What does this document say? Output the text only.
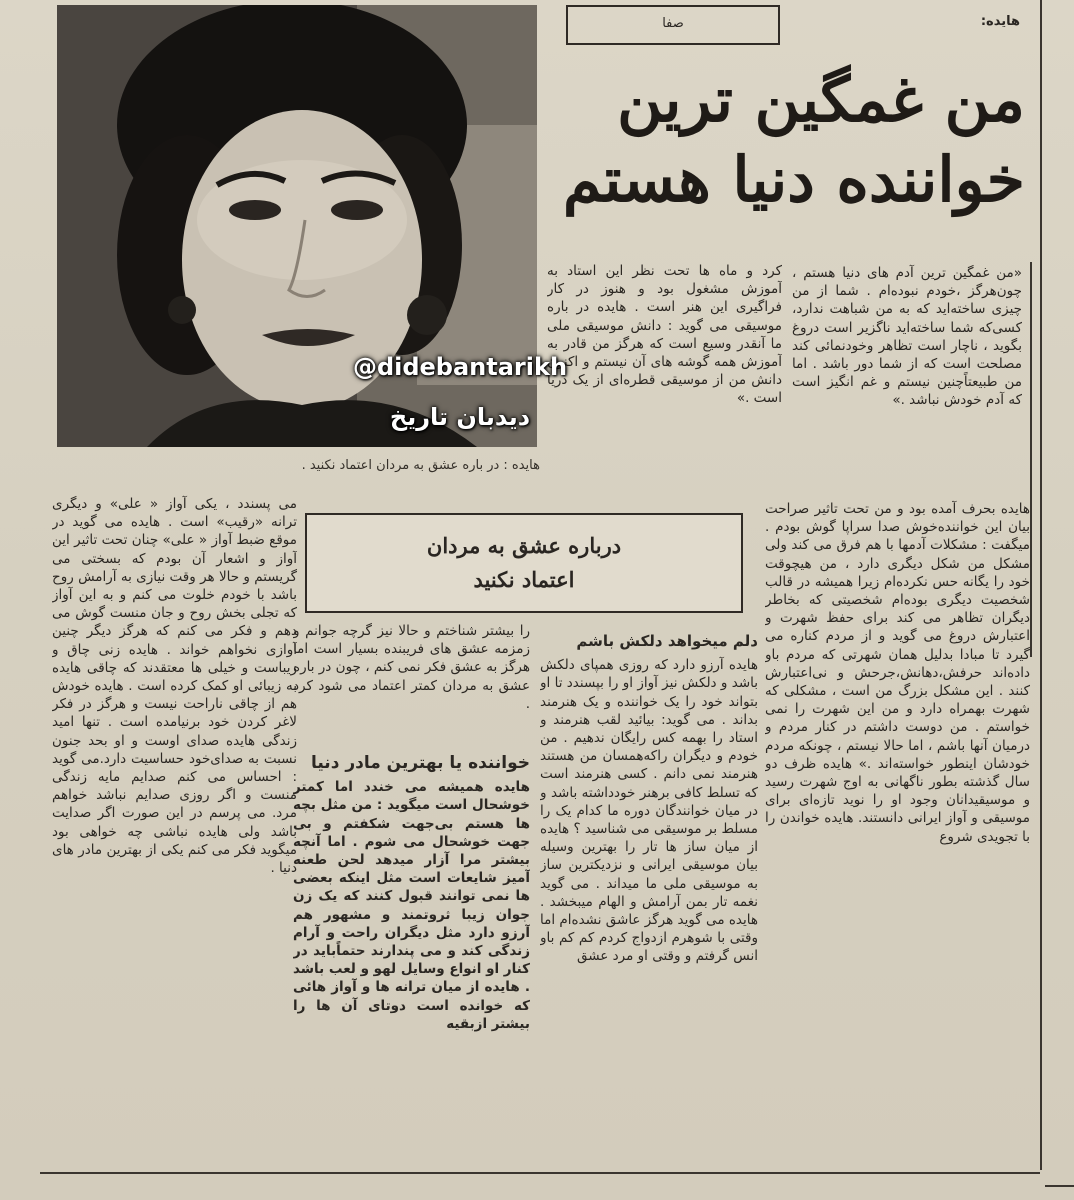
هایده : در باره عشق به مردان اعتماد نکنید .
صفا	هایده:
من غمگین ترین
خواننده دنیا هستم
«من غمگین ترین آدم های دنیا هستم ، چون‌هرگز ،خودم نبوده‌ام . شما از من چیزی ساخته‌اید که به من شباهت ندارد، کسی‌که شما ساخته‌اید ناگزیر است دروغ بگوید ، ناچار است تظاهر وخودنمائی کند مصلحت است که از شما دور باشد . اما من طبیعتاًچنین نیستم و غم انگیز است که آدم خودش نباشد .»
هایده بحرف آمده بود و من تحت تاثیر صراحت بیان این خواننده‌خوش صدا سراپا گوش بودم . میگفت : مشکلات آدمها با هم فرق می کند ولی مشکل من شکل دیگری دارد ، من هیچوقت خود را یگانه حس نکرده‌ام زیرا همیشه در قالب شخصیت دیگری بوده‌ام شخصیتی که بخاطر دیگران تظاهر می کند برای حفظ شهرت و اعتبارش دروغ می گوید و از مردم کناره می گیرد تا مبادا بدلیل همان شهرتی که مردم باو داده‌اند حرفش،دهانش،جرحش و نی‌اعتبارش کنند . این مشکل بزرگ من است ، مشکلی که شهرت بهمراه دارد و من این شهرت را نمی خواستم . من دوست داشتم در کنار مردم و درمیان آنها باشم ، اما حالا نیستم ، چونکه مردم خودشان اینطور خواسته‌اند .» هایده ظرف دو سال گذشته بطور ناگهانی به اوج شهرت رسید و موسیقیدانان وجود او را نوید تازه‌ای برای موسیقی و آواز ایرانی دانستند. هایده خواندن را با تجویدی شروع
کرد و ماه ها تحت نظر این استاد به آموزش مشغول بود و هنوز در کار فراگیری این هنر است . هایده در باره موسیقی می گوید : دانش موسیقی ملی ما آنقدر وسیع است که هرگز من قادر به آموزش همه گوشه های آن نیستم و اکنون دانش من از موسیقی قطره‌ای از یک دریا است .»
دلم میخواهد دلکش باشم
هایده آرزو دارد که روزی همپای دلکش باشد و دلکش نیز آواز او را بپسندد تا او بتواند خود را یک خواننده و یک هنرمند بداند . می گوید: بیائید لقب هنرمند و استاد را بهمه کس رایگان ندهیم . من خودم و دیگران راکه‌همسان من هستند هنرمند نمی دانم . کسی هنرمند است که تسلط کافی برهنر خودداشته باشد و در میان خوانندگان دوره ما کدام یک را مسلط بر موسیقی می شناسید ؟ هایده از میان ساز ها تار را بهترین وسیله بیان موسیقی ایرانی و نزدیکترین ساز به موسیقی ملی ما میداند . می گوید نغمه تار بمن آرامش و الهام میبخشد . هایده می گوید هرگز عاشق نشده‌ام اما وقتی با شوهرم ازدواج کردم کم کم باو انس گرفتم و وقتی او مرد عشق
درباره عشق به مردان
اعتماد نکنید
را بیشتر شناختم و حالا نیز گرچه جوانم و زمزمه عشق های فریبنده بسیار است اما هرگز به عشق فکر نمی کنم ، چون در باره عشق به مردان کمتر اعتماد می شود کرد .
خواننده یا بهترین مادر دنیا
هایده همیشه می خندد اما کمتر خوشحال است میگوید : من مثل بچه ها هستم بی‌جهت شکفتم و بی جهت خوشحال می شوم . اما آنچه بیشتر مرا آزار میدهد لحن طعنه آمیز شایعات است مثل اینکه بعضی ها نمی توانند قبول کنند که یک زن جوان زیبا ثروتمند و مشهور هم آرزو دارد مثل دیگران راحت و آرام زندگی کند و می پندارند حتماًباید در کنار او انواع وسایل لهو و لعب باشد . هایده از میان ترانه ها و آواز هائی که خوانده است دوتای آن ها را بیشتر ازبقیه
می پسندد ، یکی آواز « علی» و دیگری ترانه «رقیب» است . هایده می گوید در موقع ضبط آواز « علی» چنان تحت تاثیر این آواز و اشعار آن بودم که بسختی می گریستم و حالا هر وقت نیازی به آرامش روح باشد با خودم خلوت می کنم و به این آواز که تجلی بخش روح و جان منست گوش می دهم و فکر می کنم که هرگز دیگر چنین آوازی نخواهم خواند . هایده زنی چاق و زیباست و خیلی ها معتقدند که چاقی هایده به زیبائی او کمک کرده است . هایده خودش هم از چاقی ناراحت نیست و هرگز در فکر لاغر کردن خود برنیامده است . تنها امید زندگی هایده صدای اوست و او بحد جنون نسبت به صدای‌خود حساسیت دارد.می گوید : احساس می کنم صدایم مایه زندگی منست و اگر روزی صدایم نباشد خواهم مرد. می پرسم در این صورت اگر صدایت باشد ولی هایده نباشی چه خواهی بود میگوید فکر می کنم یکی از بهترین مادر های دنیا .
@didebantarikh
دیدبان تاریخ
